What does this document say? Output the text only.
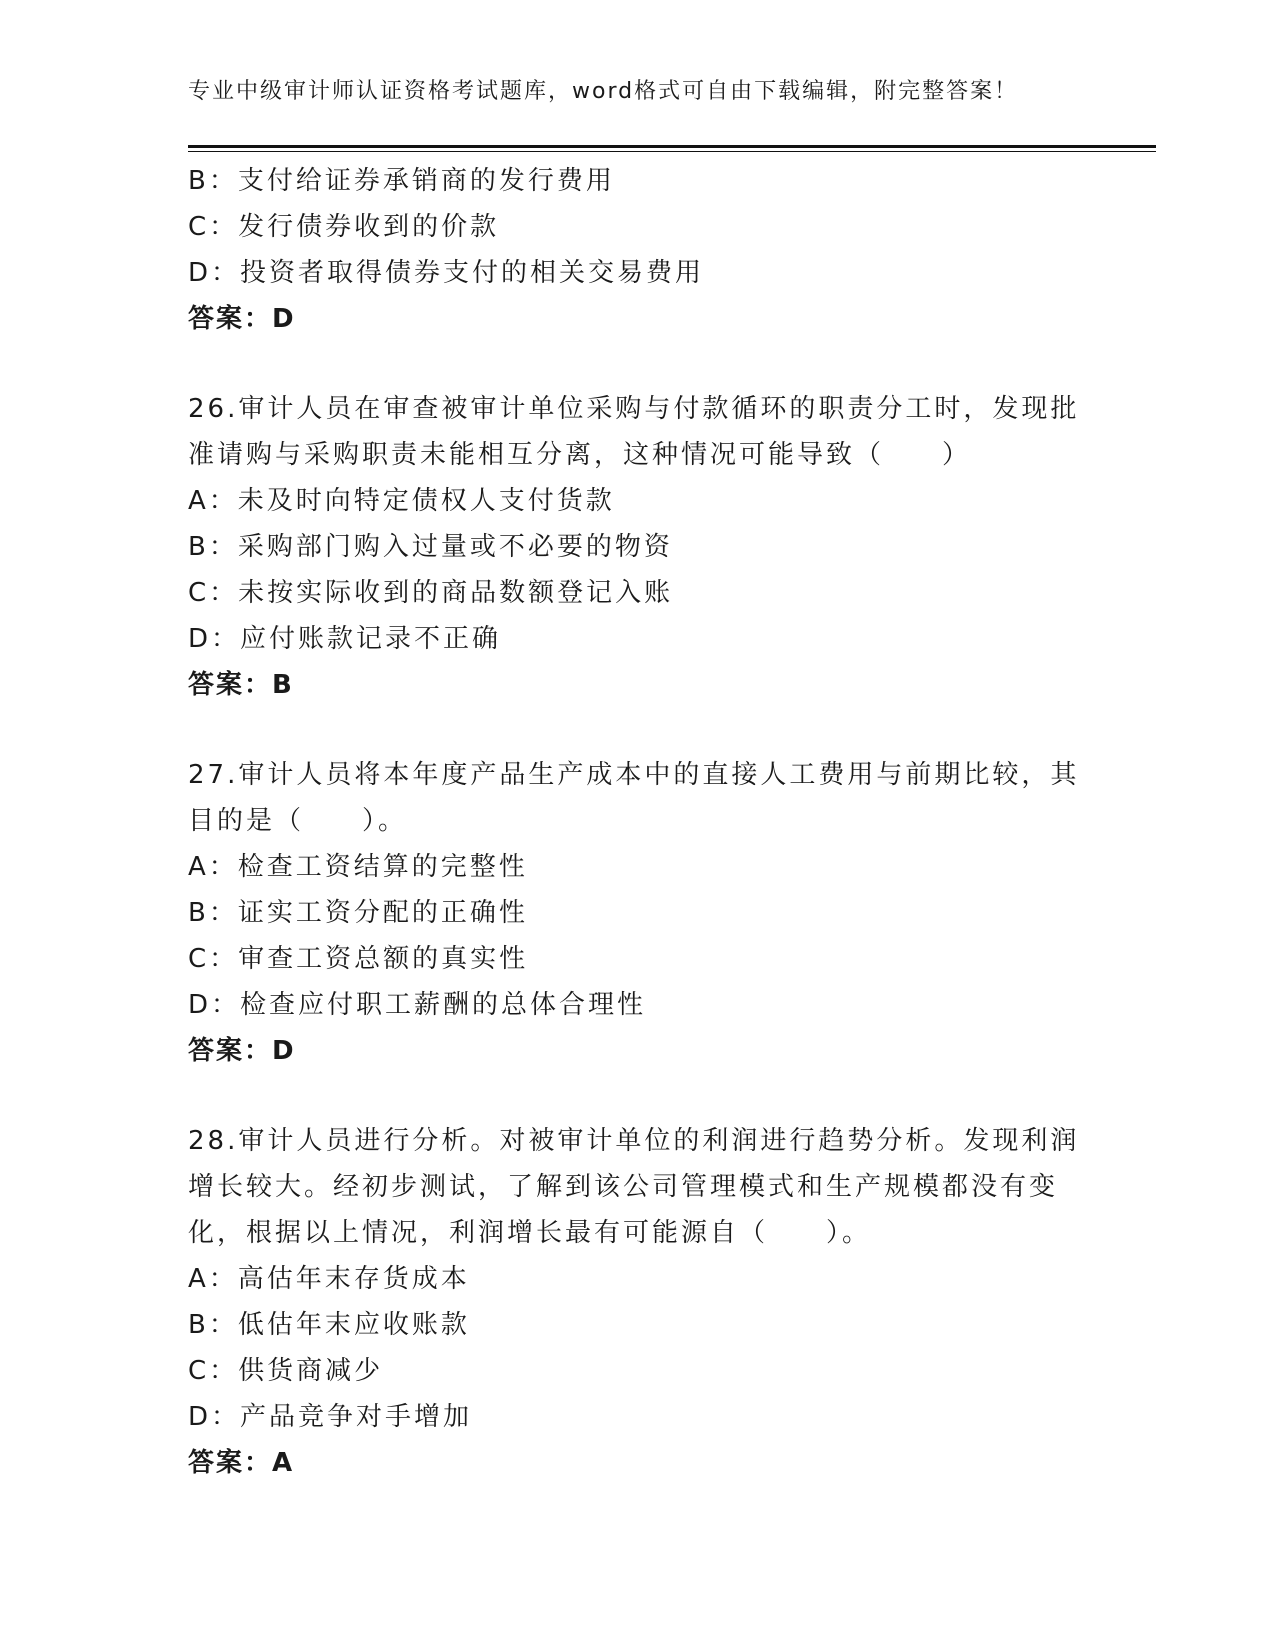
专业中级审计师认证资格考试题库，word格式可自由下载编辑，附完整答案！
B：支付给证券承销商的发行费用
C：发行债券收到的价款
D：投资者取得债券支付的相关交易费用
答案：D
26.审计人员在审查被审计单位采购与付款循环的职责分工时，发现批
准请购与采购职责未能相互分离，这种情况可能导致（　　）
A：未及时向特定债权人支付货款
B：采购部门购入过量或不必要的物资
C：未按实际收到的商品数额登记入账
D：应付账款记录不正确
答案：B
27.审计人员将本年度产品生产成本中的直接人工费用与前期比较，其
目的是（　　）。
A：检查工资结算的完整性
B：证实工资分配的正确性
C：审查工资总额的真实性
D：检查应付职工薪酬的总体合理性
答案：D
28.审计人员进行分析。对被审计单位的利润进行趋势分析。发现利润
增长较大。经初步测试，了解到该公司管理模式和生产规模都没有变
化，根据以上情况，利润增长最有可能源自（　　）。
A：高估年末存货成本
B：低估年末应收账款
C：供货商减少
D：产品竞争对手增加
答案：A
